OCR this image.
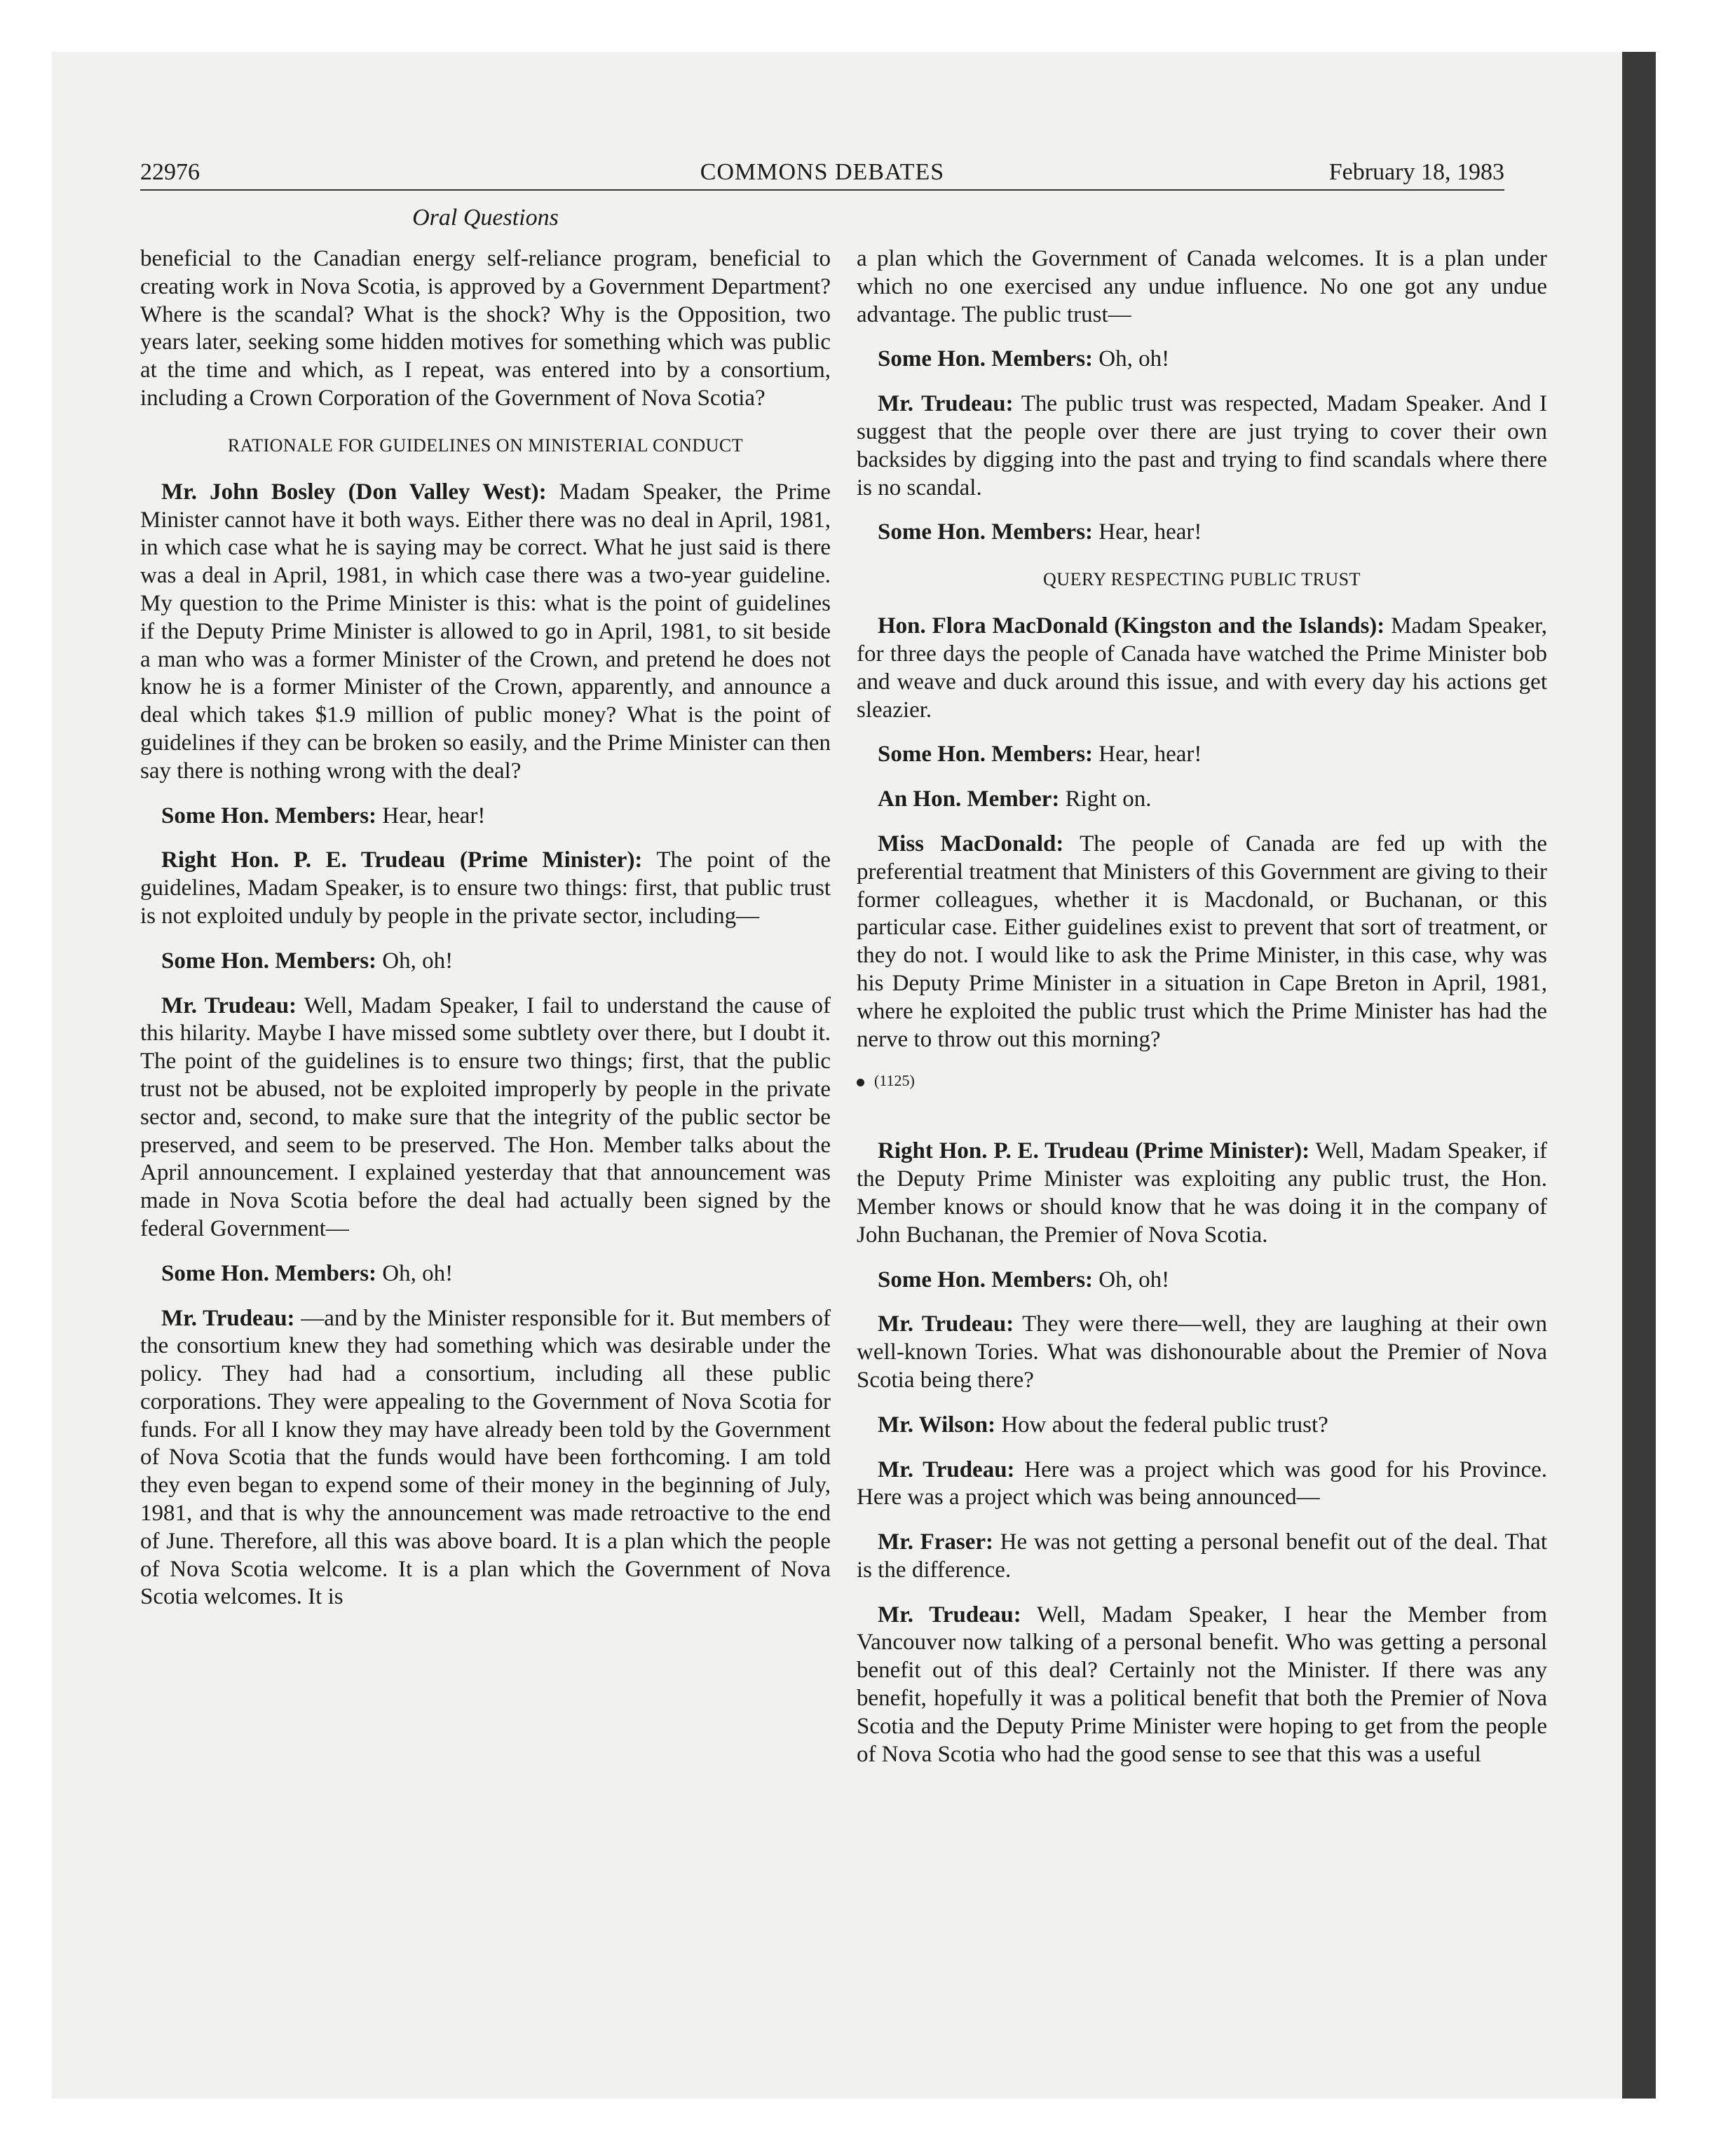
22976	COMMONS DEBATES	February 18, 1983
Oral Questions

beneficial to the Canadian energy self-reliance program, beneficial to creating work in Nova Scotia, is approved by a Government Department? Where is the scandal? What is the shock? Why is the Opposition, two years later, seeking some hidden motives for something which was public at the time and which, as I repeat, was entered into by a consortium, including a Crown Corporation of the Government of Nova Scotia?

RATIONALE FOR GUIDELINES ON MINISTERIAL CONDUCT

Mr. John Bosley (Don Valley West): Madam Speaker, the Prime Minister cannot have it both ways. Either there was no deal in April, 1981, in which case what he is saying may be correct. What he just said is there was a deal in April, 1981, in which case there was a two-year guideline. My question to the Prime Minister is this: what is the point of guidelines if the Deputy Prime Minister is allowed to go in April, 1981, to sit beside a man who was a former Minister of the Crown, and pretend he does not know he is a former Minister of the Crown, apparently, and announce a deal which takes $1.9 million of public money? What is the point of guidelines if they can be broken so easily, and the Prime Minister can then say there is nothing wrong with the deal?

Some Hon. Members: Hear, hear!

Right Hon. P. E. Trudeau (Prime Minister): The point of the guidelines, Madam Speaker, is to ensure two things: first, that public trust is not exploited unduly by people in the private sector, including—

Some Hon. Members: Oh, oh!

Mr. Trudeau: Well, Madam Speaker, I fail to understand the cause of this hilarity. Maybe I have missed some subtlety over there, but I doubt it. The point of the guidelines is to ensure two things; first, that the public trust not be abused, not be exploited improperly by people in the private sector and, second, to make sure that the integrity of the public sector be preserved, and seem to be preserved. The Hon. Member talks about the April announcement. I explained yesterday that that announcement was made in Nova Scotia before the deal had actually been signed by the federal Government—

Some Hon. Members: Oh, oh!

Mr. Trudeau: —and by the Minister responsible for it. But members of the consortium knew they had something which was desirable under the policy. They had had a consortium, including all these public corporations. They were appealing to the Government of Nova Scotia for funds. For all I know they may have already been told by the Government of Nova Scotia that the funds would have been forthcoming. I am told they even began to expend some of their money in the beginning of July, 1981, and that is why the announcement was made retroactive to the end of June. Therefore, all this was above board. It is a plan which the people of Nova Scotia welcome. It is a plan which the Government of Nova Scotia welcomes. It is

a plan which the Government of Canada welcomes. It is a plan under which no one exercised any undue influence. No one got any undue advantage. The public trust—

Some Hon. Members: Oh, oh!

Mr. Trudeau: The public trust was respected, Madam Speaker. And I suggest that the people over there are just trying to cover their own backsides by digging into the past and trying to find scandals where there is no scandal.

Some Hon. Members: Hear, hear!

QUERY RESPECTING PUBLIC TRUST

Hon. Flora MacDonald (Kingston and the Islands): Madam Speaker, for three days the people of Canada have watched the Prime Minister bob and weave and duck around this issue, and with every day his actions get sleazier.

Some Hon. Members: Hear, hear!

An Hon. Member: Right on.

Miss MacDonald: The people of Canada are fed up with the preferential treatment that Ministers of this Government are giving to their former colleagues, whether it is Macdonald, or Buchanan, or this particular case. Either guidelines exist to prevent that sort of treatment, or they do not. I would like to ask the Prime Minister, in this case, why was his Deputy Prime Minister in a situation in Cape Breton in April, 1981, where he exploited the public trust which the Prime Minister has had the nerve to throw out this morning?

(1125)

Right Hon. P. E. Trudeau (Prime Minister): Well, Madam Speaker, if the Deputy Prime Minister was exploiting any public trust, the Hon. Member knows or should know that he was doing it in the company of John Buchanan, the Premier of Nova Scotia.

Some Hon. Members: Oh, oh!

Mr. Trudeau: They were there—well, they are laughing at their own well-known Tories. What was dishonourable about the Premier of Nova Scotia being there?

Mr. Wilson: How about the federal public trust?

Mr. Trudeau: Here was a project which was good for his Province. Here was a project which was being announced—

Mr. Fraser: He was not getting a personal benefit out of the deal. That is the difference.

Mr. Trudeau: Well, Madam Speaker, I hear the Member from Vancouver now talking of a personal benefit. Who was getting a personal benefit out of this deal? Certainly not the Minister. If there was any benefit, hopefully it was a political benefit that both the Premier of Nova Scotia and the Deputy Prime Minister were hoping to get from the people of Nova Scotia who had the good sense to see that this was a useful
